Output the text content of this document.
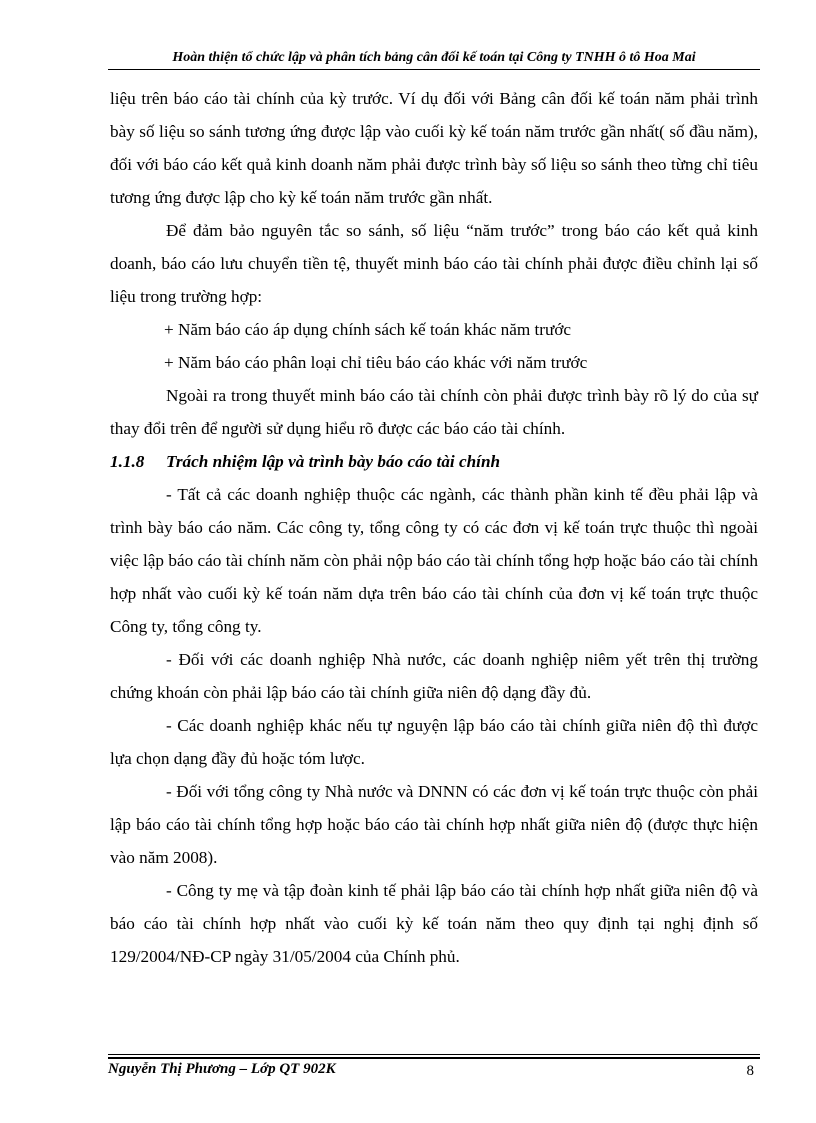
Hoàn thiện tổ chức lập và phân tích bảng cân đối kế toán tại Công ty TNHH ô tô Hoa Mai

liệu trên báo cáo tài chính của kỳ trước. Ví dụ đối với Bảng cân đối kế toán năm phải trình bày số liệu so sánh tương ứng được lập vào cuối kỳ kế toán năm trước gần nhất( số đầu năm), đối với báo cáo kết quả kinh doanh năm phải được trình bày số liệu so sánh theo từng chỉ tiêu tương ứng được lập cho kỳ kế toán năm trước gần nhất.

Để đảm bảo nguyên tắc so sánh, số liệu “năm trước” trong báo cáo kết quả kinh doanh, báo cáo lưu chuyển tiền tệ, thuyết minh báo cáo tài chính phải được điều chỉnh lại số liệu trong trường hợp:

+ Năm báo cáo áp dụng chính sách kế toán khác năm trước

+ Năm báo cáo phân loại chỉ tiêu báo cáo khác với năm trước

Ngoài ra trong thuyết minh báo cáo tài chính còn phải được trình bày rõ lý do của sự thay đổi trên để người sử dụng hiểu rõ được các báo cáo tài chính.

1.1.8 Trách nhiệm lập và trình bày báo cáo tài chính

- Tất cả các doanh nghiệp thuộc các ngành, các thành phần kinh tế đều phải lập và trình bày báo cáo năm. Các công ty, tổng công ty có các đơn vị kế toán trực thuộc thì ngoài việc lập báo cáo tài chính năm còn phải nộp báo cáo tài chính tổng hợp hoặc báo cáo tài chính hợp nhất vào cuối kỳ kế toán năm dựa trên báo cáo tài chính của đơn vị kế toán trực thuộc Công ty, tổng công ty.

- Đối với các doanh nghiệp Nhà nước, các doanh nghiệp niêm yết trên thị trường chứng khoán còn phải lập báo cáo tài chính giữa niên độ dạng đầy đủ.

- Các doanh nghiệp khác nếu tự nguyện lập báo cáo tài chính giữa niên độ thì được lựa chọn dạng đầy đủ hoặc tóm lược.

- Đối với tổng công ty Nhà nước và DNNN có các đơn vị kế toán trực thuộc còn phải lập báo cáo tài chính tổng hợp hoặc báo cáo tài chính hợp nhất giữa niên độ (được thực hiện vào năm 2008).

- Công ty mẹ và tập đoàn kinh tế phải lập báo cáo tài chính hợp nhất giữa niên độ và báo cáo tài chính hợp nhất vào cuối kỳ kế toán năm theo quy định tại nghị định số 129/2004/NĐ-CP ngày 31/05/2004 của Chính phủ.

Nguyễn Thị Phương – Lớp QT 902K	8
